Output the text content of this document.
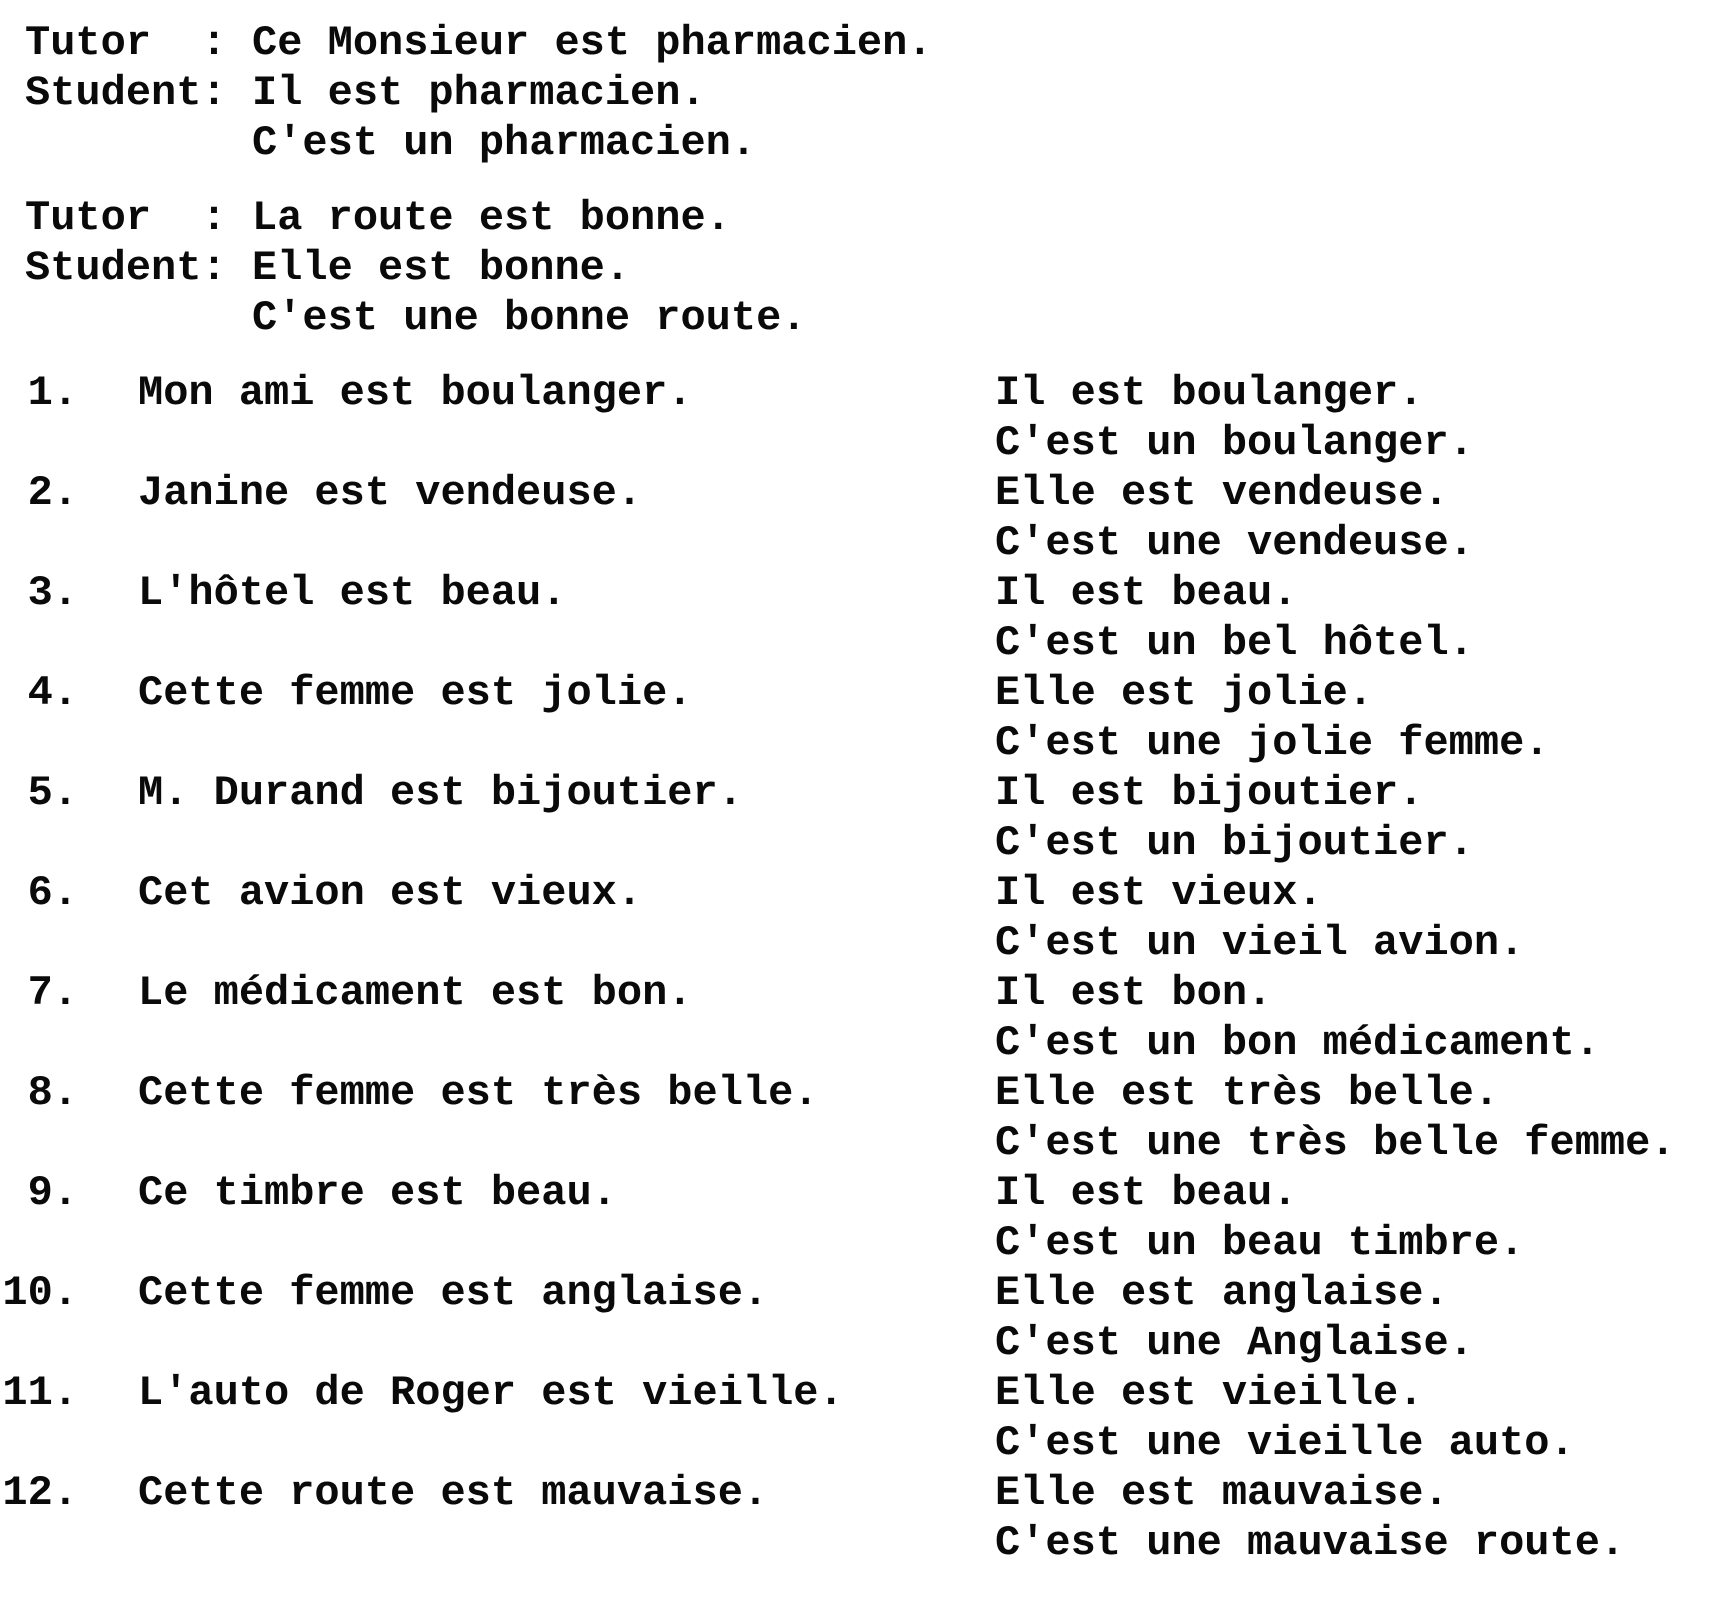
Tutor  : Ce Monsieur est pharmacien.
Student: Il est pharmacien.
C'est un pharmacien.
Tutor  : La route est bonne.
Student: Elle est bonne.
C'est une bonne route.
1.	Mon ami est boulanger.	Il est boulanger.
C'est un boulanger.
2.	Janine est vendeuse.	Elle est vendeuse.
C'est une vendeuse.
3.	L'hôtel est beau.	Il est beau.
C'est un bel hôtel.
4.	Cette femme est jolie.	Elle est jolie.
C'est une jolie femme.
5.	M. Durand est bijoutier.	Il est bijoutier.
C'est un bijoutier.
6.	Cet avion est vieux.	Il est vieux.
C'est un vieil avion.
7.	Le médicament est bon.	Il est bon.
C'est un bon médicament.
8.	Cette femme est très belle.	Elle est très belle.
C'est une très belle femme.
9.	Ce timbre est beau.	Il est beau.
C'est un beau timbre.
10.	Cette femme est anglaise.	Elle est anglaise.
C'est une Anglaise.
11.	L'auto de Roger est vieille.	Elle est vieille.
C'est une vieille auto.
12.	Cette route est mauvaise.	Elle est mauvaise.
C'est une mauvaise route.
